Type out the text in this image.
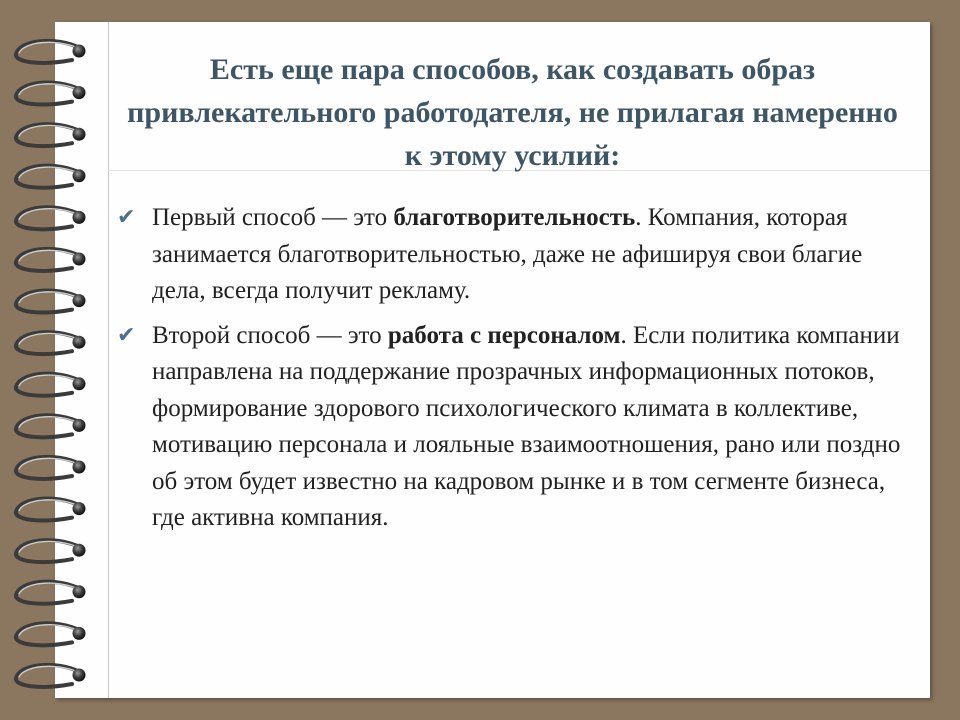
Есть еще пара способов, как создавать образ привлекательного работодателя, не прилагая намеренно к этому усилий:
✔ Первый способ — это благотворительность. Компания, которая занимается благотворительностью, даже не афишируя свои благие дела, всегда получит рекламу.
✔ Второй способ — это работа с персоналом. Если политика компании направлена на поддержание прозрачных информационных потоков, формирование здорового психологического климата в коллективе, мотивацию персонала и лояльные взаимоотношения, рано или поздно об этом будет известно на кадровом рынке и в том сегменте бизнеса, где активна компания.
